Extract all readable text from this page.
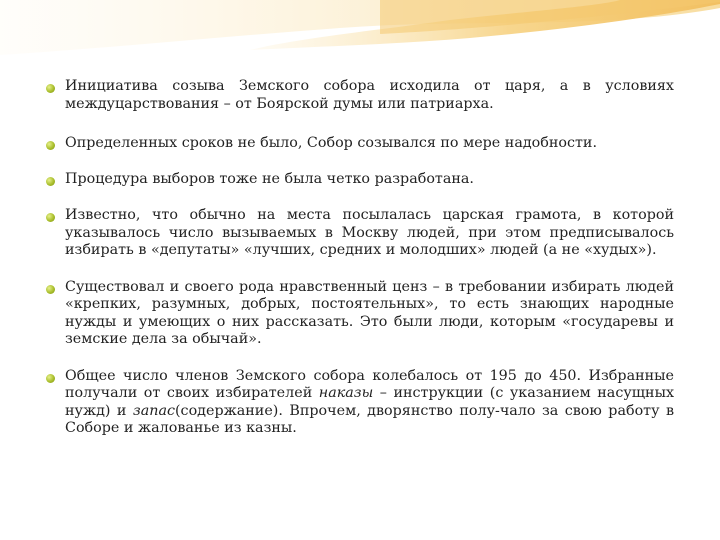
Инициатива созыва Земского собора исходила от царя, а в условиях междуцарствования – от Боярской думы или патриарха.
Определенных сроков не было, Собор созывался по мере надобности.
Процедура выборов тоже не была четко разработана.
Известно, что обычно на места посылалась царская грамота, в которой указывалось число вызываемых в Москву людей, при этом предписывалось избирать в «депутаты» «лучших, средних и молодших» людей (а не «худых»).
Существовал и своего рода нравственный ценз – в требовании избирать людей «крепких, разумных, добрых, постоятельных», то есть знающих народные нужды и умеющих о них рассказать. Это были люди, которым «государевы и земские дела за обычай».
Общее число членов Земского собора колебалось от 195 до 450. Избранные получали от своих избирателей наказы – инструкции (с указанием насущных нужд) и запас(содержание). Впрочем, дворянство полу-чало за свою работу в Соборе и жалованье из казны.
